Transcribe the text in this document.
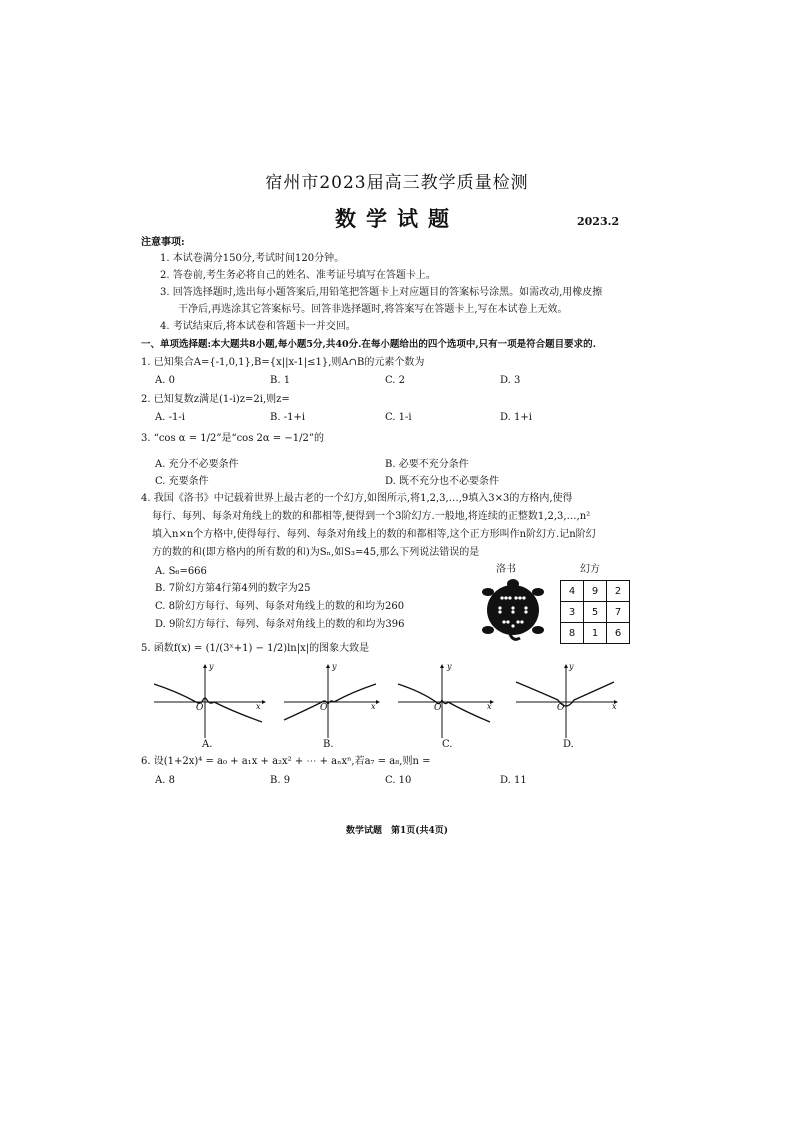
宿州市2023届高三教学质量检测
数学试题	2023.2
注意事项:
1. 本试卷满分150分,考试时间120分钟。
2. 答卷前,考生务必将自己的姓名、准考证号填写在答题卡上。
3. 回答选择题时,选出每小题答案后,用铅笔把答题卡上对应题目的答案标号涂黑。如需改动,用橡皮擦
干净后,再选涂其它答案标号。回答非选择题时,将答案写在答题卡上,写在本试卷上无效。
4. 考试结束后,将本试卷和答题卡一并交回。
一、单项选择题:本大题共8小题,每小题5分,共40分.在每小题给出的四个选项中,只有一项是符合题目要求的.
1. 已知集合A={-1,0,1},B={x||x-1|≤1},则A∩B的元素个数为
A. 0	B. 1	C. 2	D. 3
2. 已知复数z满足(1-i)z=2i,则z=
A. -1-i	B. -1+i	C. 1-i	D. 1+i
3. “cos α = 1/2”是“cos 2α = −1/2”的
A. 充分不必要条件	B. 必要不充分条件
C. 充要条件	D. 既不充分也不必要条件
4. 我国《洛书》中记载着世界上最古老的一个幻方,如图所示,将1,2,3,…,9填入3×3的方格内,使得
每行、每列、每条对角线上的数的和都相等,便得到一个3阶幻方.一般地,将连续的正整数1,2,3,…,n²
填入n×n个方格中,使得每行、每列、每条对角线上的数的和都相等,这个正方形叫作n阶幻方.记n阶幻
方的数的和(即方格内的所有数的和)为Sₙ,如S₃=45,那么下列说法错误的是
A. S₆=666
B. 7阶幻方第4行第4列的数字为25
C. 8阶幻方每行、每列、每条对角线上的数的和均为260
D. 9阶幻方每行、每列、每条对角线上的数的和均为396
洛书	幻方
4	9	2
3	5	7
8	1	6
5. 函数f(x) = (1/(3ˣ+1) − 1/2)ln|x|的图象大致是
y
x
O
A.
y
x
O
B.
y
x
O
C.
y
x
O
D.
6. 设(1+2x)⁴ = a₀ + a₁x + a₂x² + ⋯ + aₙxⁿ,若a₇ = a₈,则n =
A. 8	B. 9	C. 10	D. 11
数学试题　第1页(共4页)
